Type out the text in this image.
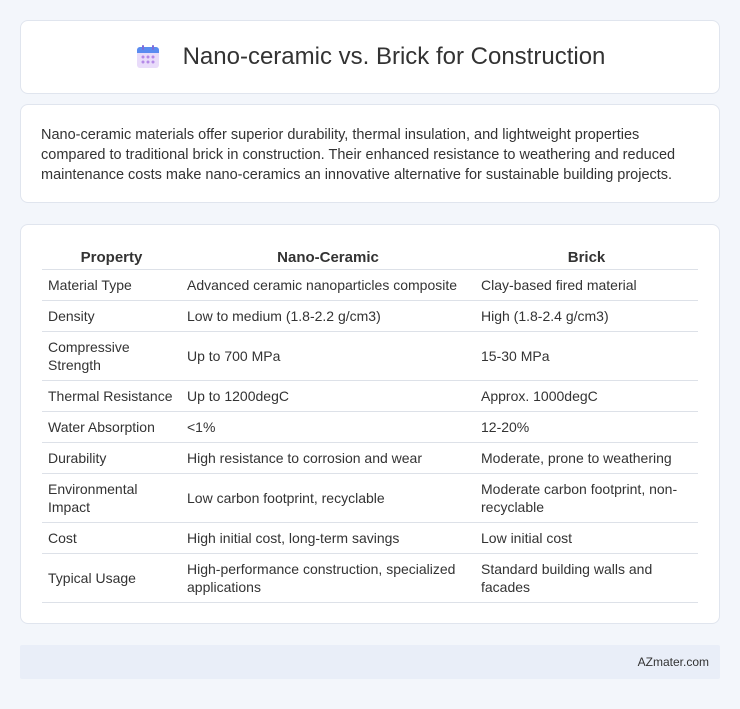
Nano-ceramic vs. Brick for Construction

Nano-ceramic materials offer superior durability, thermal insulation, and lightweight properties compared to traditional brick in construction. Their enhanced resistance to weathering and reduced maintenance costs make nano-ceramics an innovative alternative for sustainable building projects.

Property	Nano-Ceramic	Brick
Material Type	Advanced ceramic nanoparticles composite	Clay-based fired material
Density	Low to medium (1.8-2.2 g/cm3)	High (1.8-2.4 g/cm3)
Compressive Strength	Up to 700 MPa	15-30 MPa
Thermal Resistance	Up to 1200degC	Approx. 1000degC
Water Absorption	<1%	12-20%
Durability	High resistance to corrosion and wear	Moderate, prone to weathering
Environmental Impact	Low carbon footprint, recyclable	Moderate carbon footprint, non-recyclable
Cost	High initial cost, long-term savings	Low initial cost
Typical Usage	High-performance construction, specialized applications	Standard building walls and facades
AZmater.com
